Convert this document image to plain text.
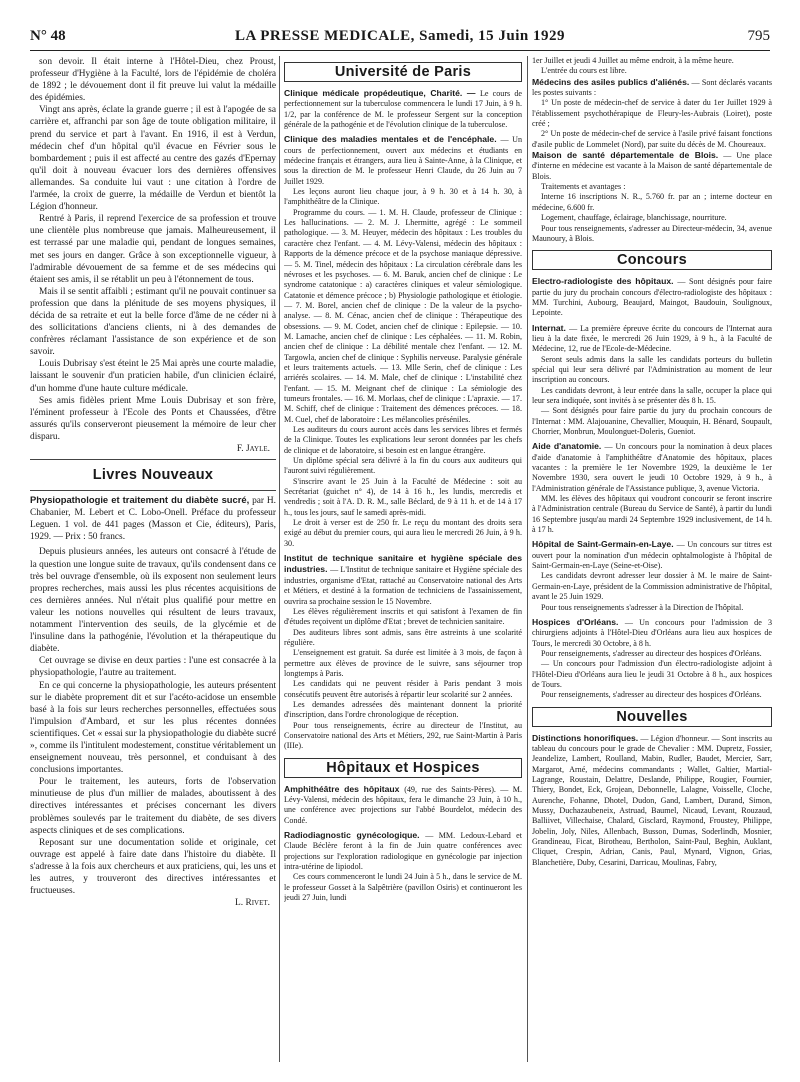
N° 48	LA PRESSE MEDICALE, Samedi, 15 Juin 1929	795

son devoir. Il était interne à l'Hôtel-Dieu, chez Proust, professeur d'Hygiène à la Faculté, lors de l'épidémie de choléra de 1892 ; le dévouement dont il fit preuve lui valut la médaille des épidémies.

Vingt ans après, éclate la grande guerre ; il est à l'apogée de sa carrière et, affranchi par son âge de toute obligation militaire, il prend du service et part à l'avant. En 1916, il est à Verdun, médecin chef d'un hôpital qu'il évacue en Février sous le bombardement ; puis il est affecté au centre des gazés d'Epernay qu'il doit à nouveau évacuer lors des dernières offensives allemandes. Sa conduite lui vaut : une citation à l'ordre de l'armée, la croix de guerre, la médaille de Verdun et bientôt la Légion d'honneur.

Rentré à Paris, il reprend l'exercice de sa profession et trouve une clientèle plus nombreuse que jamais. Malheureusement, il est terrassé par une maladie qui, pendant de longues semaines, met ses jours en danger. Grâce à son exceptionnelle vigueur, à l'admirable dévouement de sa femme et de ses médecins qui étaient ses amis, il se rétablit un peu à l'étonnement de tous.

Mais il se sentit affaibli ; estimant qu'il ne pouvait continuer sa profession que dans la plénitude de ses moyens physiques, il décida de sa retraite et eut la belle force d'âme de ne céder ni à des sollicitations d'anciens clients, ni à des demandes de confrères réclamant l'assistance de son expérience et de son savoir.

Louis Dubrisay s'est éteint le 25 Mai après une courte maladie, laissant le souvenir d'un praticien habile, d'un clinicien éclairé, d'un homme d'une haute culture médicale.

Ses amis fidèles prient Mme Louis Dubrisay et son frère, l'éminent professeur à l'Ecole des Ponts et Chaussées, d'être assurés qu'ils conserveront pieusement la mémoire de leur cher disparu.

F. Jayle.

Livres Nouveaux

Physiopathologie et traitement du diabète sucré, par H. Chabanier, M. Lebert et C. Lobo-Onell. Préface du professeur Leguen. 1 vol. de 441 pages (Masson et Cie, éditeurs), Paris, 1929. — Prix : 50 francs.

Depuis plusieurs années, les auteurs ont consacré à l'étude de la question une longue suite de travaux, qu'ils condensent dans ce très bel ouvrage d'ensemble, où ils exposent non seulement leurs propres recherches, mais aussi les plus récentes acquisitions de ces dernières années. Nul n'était plus qualifié pour mettre en valeur les notions nouvelles qui résultent de leurs travaux, notamment l'intervention des seuils, de la glycémie et de l'insuline dans la pathogénie, l'évolution et la thérapeutique du diabète.

Cet ouvrage se divise en deux parties : l'une est consacrée à la physiopathologie, l'autre au traitement.

En ce qui concerne la physiopathologie, les auteurs présentent sur le diabète proprement dit et sur l'acéto-acidose un ensemble basé à la fois sur leurs recherches personnelles, effectuées sous l'impulsion d'Ambard, et sur les plus récentes données scientifiques. Cet « essai sur la physiopathologie du diabète sucré », comme ils l'intitulent modestement, constitue véritablement un enseignement nouveau, très personnel, et conduisant à des conclusions importantes.

Pour le traitement, les auteurs, forts de l'observation minutieuse de plus d'un millier de malades, aboutissent à des directives intéressantes et précises concernant les divers problèmes soulevés par le traitement du diabète, de ses divers aspects cliniques et de ses complications.

Reposant sur une documentation solide et originale, cet ouvrage est appelé à faire date dans l'histoire du diabète. Il s'adresse à la fois aux chercheurs et aux praticiens, qui, les uns et les autres, y trouveront des directives intéressantes et fructueuses.

L. Rivet.

Université de Paris

Clinique médicale propédeutique, Charité. — Le cours de perfectionnement sur la tuberculose commencera le lundi 17 Juin, à 9 h. 1/2, par la conférence de M. le professeur Sergent sur la conception générale de la pathogénie et de l'évolution clinique de la tuberculose.

Clinique des maladies mentales et de l'encéphale. — Un cours de perfectionnement, ouvert aux médecins et étudiants en médecine français et étrangers, aura lieu à Sainte-Anne, à la Clinique, et sous la direction de M. le professeur Henri Claude, du 26 Juin au 7 Juillet 1929.

Les leçons auront lieu chaque jour, à 9 h. 30 et à 14 h. 30, à l'amphithéâtre de la Clinique.

Programme du cours. — 1. M. H. Claude, professeur de Clinique : Les hallucinations. — 2. M. J. Lhermitte, agrégé : Le sommeil pathologique. — 3. M. Heuyer, médecin des hôpitaux : Les troubles du caractère chez l'enfant. — 4. M. Lévy-Valensi, médecin des hôpitaux : Rapports de la démence précoce et de la psychose maniaque dépressive. — 5. M. Tinel, médecin des hôpitaux : La circulation cérébrale dans les névroses et les psychoses. — 6. M. Baruk, ancien chef de clinique : Le syndrome catatonique : a) caractères cliniques et valeur sémiologique. Catatonie et démence précoce ; b) Physiologie pathologique et étiologie. — 7. M. Borel, ancien chef de clinique : De la valeur de la psycho-analyse. — 8. M. Cénac, ancien chef de clinique : Thérapeutique des obsessions. — 9. M. Codet, ancien chef de clinique : Epilepsie. — 10. M. Lamache, ancien chef de clinique : Les céphalées. — 11. M. Robin, ancien chef de clinique : La débilité mentale chez l'enfant. — 12. M. Targowla, ancien chef de clinique : Syphilis nerveuse. Paralysie générale et leurs traitements actuels. — 13. Mlle Serin, chef de clinique : Les arriérés scolaires. — 14. M. Male, chef de clinique : L'instabilité chez l'enfant. — 15. M. Meignant chef de clinique : La sémiologie des tumeurs frontales. — 16. M. Morlaas, chef de clinique : L'apraxie. — 17. M. Schiff, chef de clinique : Traitement des démences précoces. — 18. M. Cuel, chef de laboratoire : Les mélancolies préséniles.

Les auditeurs du cours auront accès dans les services libres et fermés de la Clinique. Toutes les explications leur seront données par les chefs de clinique et de laboratoire, si besoin est en langue étrangère.

Un diplôme spécial sera délivré à la fin du cours aux auditeurs qui l'auront suivi régulièrement.

S'inscrire avant le 25 Juin à la Faculté de Médecine : soit au Secrétariat (guichet n° 4), de 14 à 16 h., les lundis, mercredis et vendredis ; soit à l'A. D. R. M., salle Béclard, de 9 à 11 h. et de 14 à 17 h., tous les jours, sauf le samedi après-midi.

Le droit à verser est de 250 fr. Le reçu du montant des droits sera exigé au début du premier cours, qui aura lieu le mercredi 26 Juin, à 9 h. 30.

Institut de technique sanitaire et hygiène spéciale des industries. — L'Institut de technique sanitaire et Hygiène spéciale des industries, organisme d'Etat, rattaché au Conservatoire national des Arts et Métiers, et destiné à la formation de techniciens de l'assainissement, ouvrira sa prochaine session le 15 Novembre.

Les élèves régulièrement inscrits et qui satisfont à l'examen de fin d'études reçoivent un diplôme d'Etat ; brevet de technicien sanitaire.

Des auditeurs libres sont admis, sans être astreints à une scolarité régulière.

L'enseignement est gratuit. Sa durée est limitée à 3 mois, de façon à permettre aux élèves de province de le suivre, sans séjourner trop longtemps à Paris.

Les candidats qui ne peuvent résider à Paris pendant 3 mois consécutifs peuvent être autorisés à répartir leur scolarité sur 2 années.

Les demandes adressées dès maintenant donnent la priorité d'inscription, dans l'ordre chronologique de réception.

Pour tous renseignements, écrire au directeur de l'Institut, au Conservatoire national des Arts et Métiers, 292, rue Saint-Martin à Paris (IIIe).

Hôpitaux et Hospices

Amphithéâtre des hôpitaux (49, rue des Saints-Pères). — M. Lévy-Valensi, médecin des hôpitaux, fera le dimanche 23 Juin, à 10 h., une conférence avec projections sur l'abbé Bourdelot, médecin des Condé.

Radiodiagnostic gynécologique. — MM. Ledoux-Lebard et Claude Béclère feront à la fin de Juin quatre conférences avec projections sur l'exploration radiologique en gynécologie par injection intra-utérine de lipiodol.

Ces cours commenceront le lundi 24 Juin à 5 h., dans le service de M. le professeur Gosset à la Salpêtrière (pavillon Osiris) et continueront les jeudi 27 Juin, lundi

1er Juillet et jeudi 4 Juillet au même endroit, à la même heure.

L'entrée du cours est libre.

Médecins des asiles publics d'aliénés. — Sont déclarés vacants les postes suivants :

1° Un poste de médecin-chef de service à dater du 1er Juillet 1929 à l'établissement psychothérapique de Fleury-les-Aubrais (Loiret), poste créé ;

2° Un poste de médecin-chef de service à l'asile privé faisant fonctions d'asile public de Lommelet (Nord), par suite du décès de M. Choureaux.

Maison de santé départementale de Blois. — Une place d'interne en médecine est vacante à la Maison de santé départementale de Blois.

Traitements et avantages :

Interne 16 inscriptions N. R., 5.760 fr. par an ; interne docteur en médecine, 6.600 fr.

Logement, chauffage, éclairage, blanchissage, nourriture.

Pour tous renseignements, s'adresser au Directeur-médecin, 34, avenue Maunoury, à Blois.

Concours

Electro-radiologiste des hôpitaux. — Sont désignés pour faire partie du jury du prochain concours d'électro-radiologiste des hôpitaux : MM. Turchini, Aubourg, Beaujard, Maingot, Baudouin, Soulignoux, Lepointe.

Internat. — La première épreuve écrite du concours de l'Internat aura lieu à la date fixée, le mercredi 26 Juin 1929, à 9 h., à la Faculté de Médecine, 12, rue de l'Ecole-de-Médecine.

Seront seuls admis dans la salle les candidats porteurs du bulletin spécial qui leur sera délivré par l'Administration au moment de leur inscription au concours.

Les candidats devront, à leur entrée dans la salle, occuper la place qui leur sera indiquée, sont invités à se présenter dès 8 h. 15.

— Sont désignés pour faire partie du jury du prochain concours de l'Internat : MM. Alajouanine, Chevallier, Mouquin, H. Bénard, Soupault, Chorrier, Monbrun, Moulonguet-Doleris, Gueniot.

Aide d'anatomie. — Un concours pour la nomination à deux places d'aide d'anatomie à l'amphithéâtre d'Anatomie des hôpitaux, places vacantes : la première le 1er Novembre 1929, la deuxième le 1er Novembre 1930, sera ouvert le jeudi 10 Octobre 1929, à 9 h., à l'Administration générale de l'Assistance publique, 3, avenue Victoria.

MM. les élèves des hôpitaux qui voudront concourir se feront inscrire à l'Administration centrale (Bureau du Service de Santé), à partir du lundi 16 Septembre jusqu'au mardi 24 Septembre 1929 inclusivement, de 14 h. à 17 h.

Hôpital de Saint-Germain-en-Laye. — Un concours sur titres est ouvert pour la nomination d'un médecin ophtalmologiste à l'hôpital de Saint-Germain-en-Laye (Seine-et-Oise).

Les candidats devront adresser leur dossier à M. le maire de Saint-Germain-en-Laye, président de la Commission administrative de l'hôpital, avant le 25 Juin 1929.

Pour tous renseignements s'adresser à la Direction de l'hôpital.

Hospices d'Orléans. — Un concours pour l'admission de 3 chirurgiens adjoints à l'Hôtel-Dieu d'Orléans aura lieu aux hospices de Tours, le mercredi 30 Octobre, à 8 h.

Pour renseignements, s'adresser au directeur des hospices d'Orléans.

— Un concours pour l'admission d'un électro-radiologiste adjoint à l'Hôtel-Dieu d'Orléans aura lieu le jeudi 31 Octobre à 8 h., aux hospices de Tours.

Pour renseignements, s'adresser au directeur des hospices d'Orléans.

Nouvelles

Distinctions honorifiques. — Légion d'honneur. — Sont inscrits au tableau du concours pour le grade de Chevalier : MM. Dupretz, Fossier, Jeandelize, Lambert, Roulland, Mabin, Rudler, Baudet, Mercier, Sarr, Margarot, Arné, médecins commandants ; Wallet, Galtier, Martial-Lagrange, Roustain, Delattre, Deslande, Philippe, Rougier, Fournier, Thiery, Bondet, Eck, Grojean, Debonnelle, Lalagne, Voisselle, Cloche, Aurenche, Fohanne, Dhotel, Dudon, Gand, Lambert, Durand, Simon, Mussy, Duchazaubeneix, Astruad, Baumel, Nicaud, Levant, Rouzaud, Balliivet, Villechaise, Chalard, Gisclard, Raymond, Froustey, Philippe, Jobelin, Joly, Niles, Allenbach, Busson, Dumas, Soderlindh, Mosnier, Grandineau, Ficat, Birotheau, Bertholon, Saint-Paul, Beghin, Auklant, Cliquet, Crespin, Adrian, Canis, Paul, Mynard, Vignon, Grias, Blanchetière, Duby, Cesarini, Darricau, Moulinas, Fabry,
